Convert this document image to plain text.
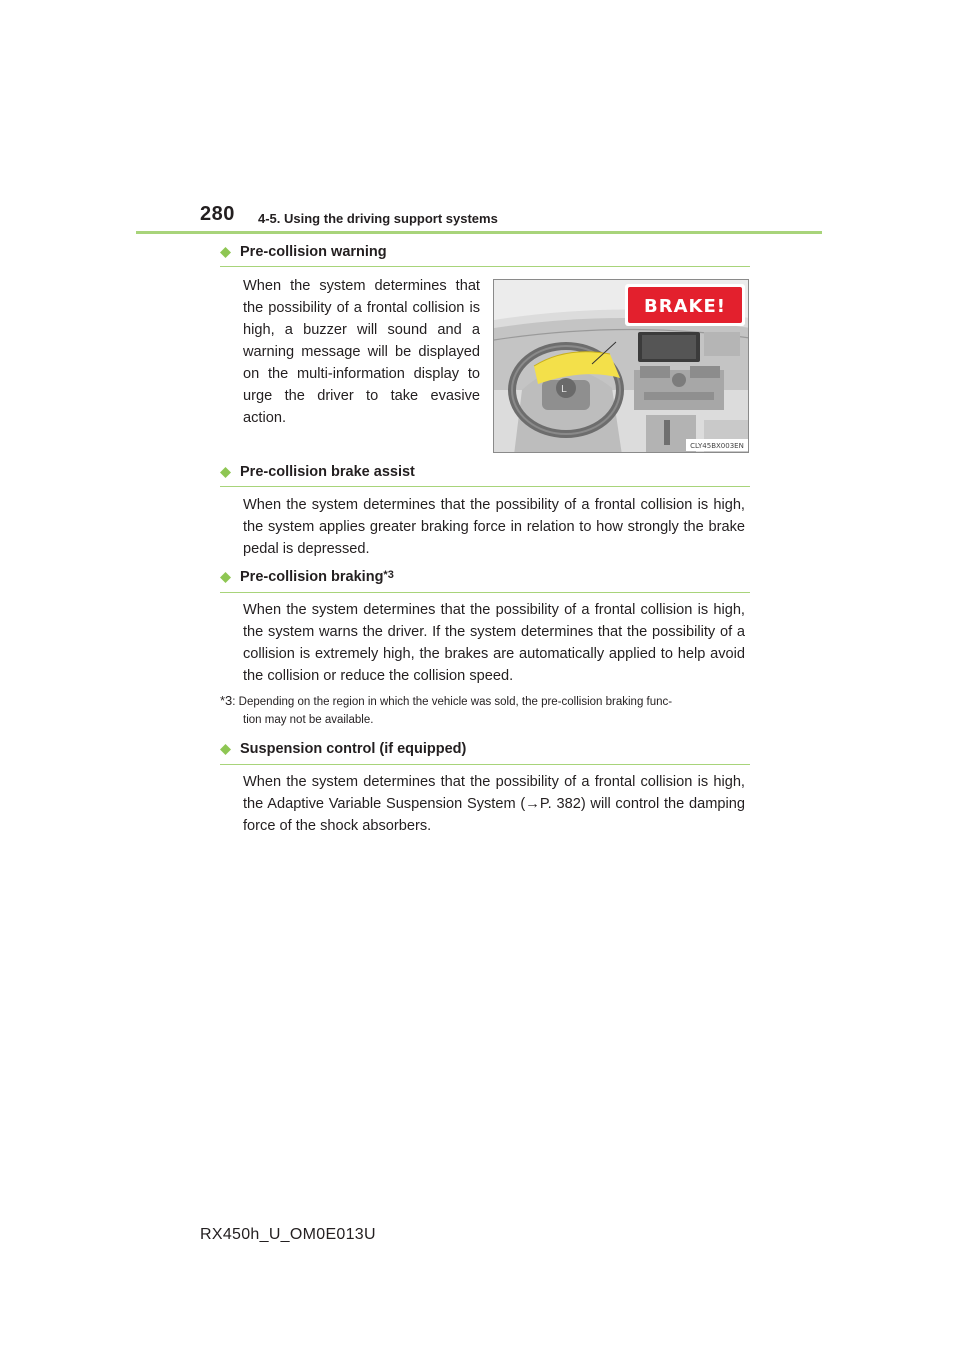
280 4-5. Using the driving support systems
Pre-collision warning
When the system determines that the possibility of a frontal collision is high, a buzzer will sound and a warning message will be displayed on the multi-information display to urge the driver to take evasive action.
L
BRAKE!
CLY45BX003EN
Pre-collision brake assist
When the system determines that the possibility of a frontal collision is high, the system applies greater braking force in relation to how strongly the brake pedal is depressed.
Pre-collision braking$^{*3}$
When the system determines that the possibility of a frontal collision is high, the system warns the driver. If the system determines that the possibility of a collision is extremely high, the brakes are automatically applied to help avoid the collision or reduce the collision speed.
*3: Depending on the region in which the vehicle was sold, the pre-collision braking func-
tion may not be available.
Suspension control (if equipped)
When the system determines that the possibility of a frontal collision is high, the Adaptive Variable Suspension System (→P. 382) will control the damping force of the shock absorbers.
RX450h_U_OM0E013U
